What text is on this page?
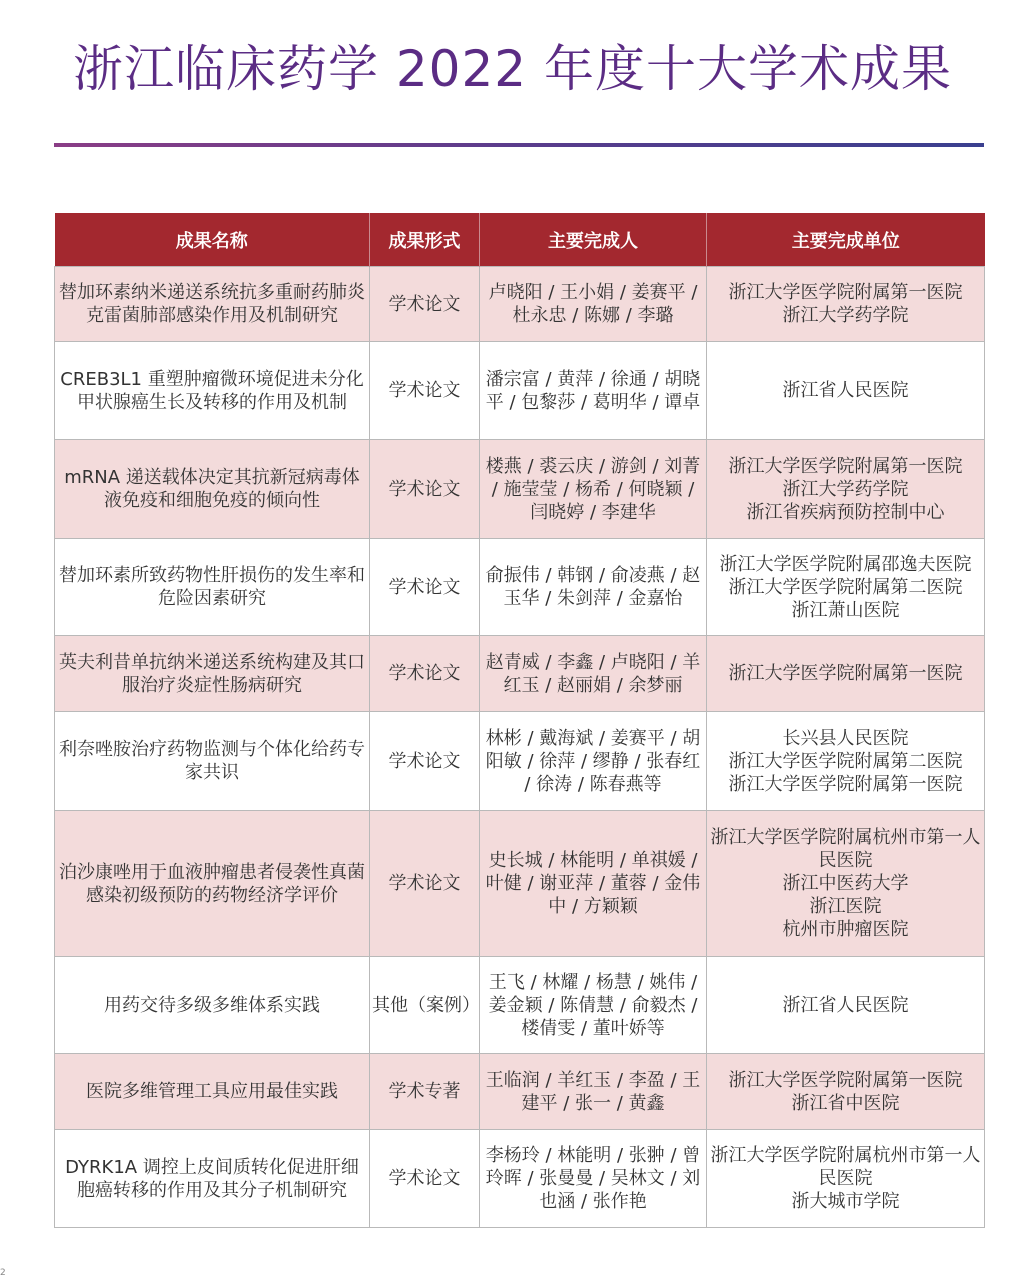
浙江临床药学 2022 年度十大学术成果
成果名称	成果形式	主要完成人	主要完成单位
替加环素纳米递送系统抗多重耐药肺炎克雷菌肺部感染作用及机制研究	学术论文	卢晓阳 / 王小娟 / 姜赛平 / 杜永忠 / 陈娜 / 李璐	浙江大学医学院附属第一医院
浙江大学药学院

CREB3L1 重塑肿瘤微环境促进未分化甲状腺癌生长及转移的作用及机制	学术论文	潘宗富 / 黄萍 / 徐通 / 胡晓平 / 包黎莎 / 葛明华 / 谭卓	浙江省人民医院

mRNA 递送载体决定其抗新冠病毒体液免疫和细胞免疫的倾向性	学术论文	楼燕 / 裘云庆 / 游剑 / 刘菁 / 施莹莹 / 杨希 / 何晓颖 / 闫晓婷 / 李建华	浙江大学医学院附属第一医院
浙江大学药学院
浙江省疾病预防控制中心

替加环素所致药物性肝损伤的发生率和危险因素研究	学术论文	俞振伟 / 韩钢 / 俞凌燕 / 赵玉华 / 朱剑萍 / 金嘉怡	浙江大学医学院附属邵逸夫医院
浙江大学医学院附属第二医院
浙江萧山医院

英夫利昔单抗纳米递送系统构建及其口服治疗炎症性肠病研究	学术论文	赵青威 / 李鑫 / 卢晓阳 / 羊红玉 / 赵丽娟 / 余梦丽	浙江大学医学院附属第一医院

利奈唑胺治疗药物监测与个体化给药专家共识	学术论文	林彬 / 戴海斌 / 姜赛平 / 胡阳敏 / 徐萍 / 缪静 / 张春红 / 徐涛 / 陈春燕等	长兴县人民医院
浙江大学医学院附属第二医院
浙江大学医学院附属第一医院

泊沙康唑用于血液肿瘤患者侵袭性真菌感染初级预防的药物经济学评价	学术论文	史长城 / 林能明 / 单祺媛 / 叶健 / 谢亚萍 / 董蓉 / 金伟中 / 方颖颖	浙江大学医学院附属杭州市第一人民医院
浙江中医药大学
浙江医院
杭州市肿瘤医院

用药交待多级多维体系实践	其他（案例）	王飞 / 林耀 / 杨慧 / 姚伟 / 姜金颖 / 陈倩慧 / 俞毅杰 / 楼倩雯 / 董叶娇等	浙江省人民医院

医院多维管理工具应用最佳实践	学术专著	王临润 / 羊红玉 / 李盈 / 王建平 / 张一 / 黄鑫	浙江大学医学院附属第一医院
浙江省中医院

DYRK1A 调控上皮间质转化促进肝细胞癌转移的作用及其分子机制研究	学术论文	李杨玲 / 林能明 / 张翀 / 曾玲晖 / 张曼曼 / 吴林文 / 刘也涵 / 张作艳	浙江大学医学院附属杭州市第一人民医院
浙大城市学院
2
